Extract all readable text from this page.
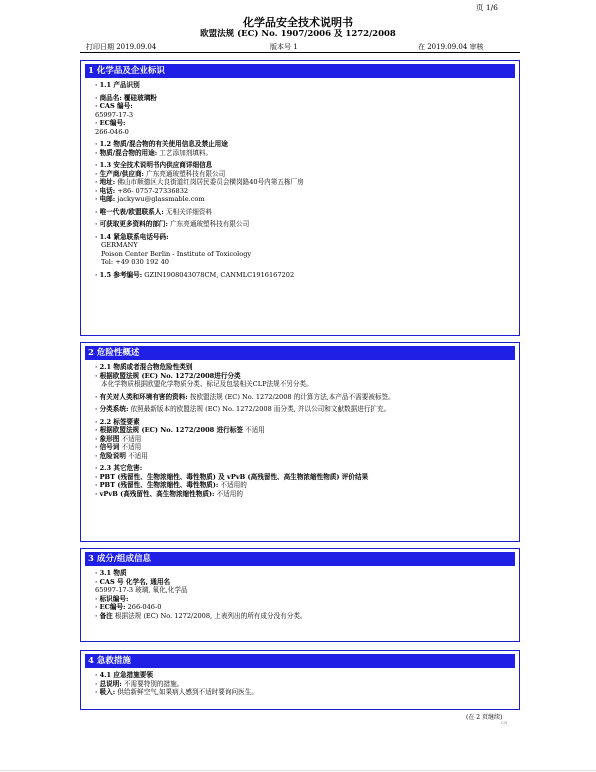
页 1/6
化学品安全技术说明书
欧盟法规 (EC) No. 1907/2006 及 1272/2008
打印日期 2019.09.04	版本号 1	在 2019.09.04 审核
1 化学品及企业标识
· 1.1 产品识别
· 商品名: 覆硅玻璃粉
· CAS 编号:
65997-17-3
· EC编号:
266-046-0
· 1.2 物质/混合物的有关使用信息及禁止用途
· 物质/混合物的用途: 工艺添加剂填料。
· 1.3 安全技术说明书内供应商详细信息
· 生产商/供应商: 广东亮通玻塑科技有限公司
· 地址: 佛山市顺德区大良街道红岗居民委员会横岗路40号内第五栋厂房
· 电话: +86- 0757-27336832
· 电邮: jackywu@glassmable.com
· 唯一代表/欧盟联系人: 无相关详细资料
· 可获取更多资料的部门: 广东亮通玻塑科技有限公司
· 1.4 紧急联系电话号码:
GERMANY
Poison Center Berlin - Institute of Toxicology
Tel: +49 030 192 40
· 1.5 参考编号: GZIN1908043078CM, CANMLC1916167202
2 危险性概述
· 2.1 物质或者混合物危险性类别
· 根据欧盟法规 (EC) No. 1272/2008进行分类
本化学物质根据欧盟化学物质分类、标记及包装相关CLP法规不另分类。
· 有关对人类和环境有害的资料: 按欧盟法规 (EC) No. 1272/2008 的计算方法,本产品不需要被标签。
· 分类系统: 依照最新版本的欧盟法规 (EC) No. 1272/2008 而分类, 并以公司和文献数据进行扩充。
· 2.2 标签要素
· 根据欧盟法规 (EC) No. 1272/2008 进行标签 不适用
· 象形图 不适用
· 信号词 不适用
· 危险说明 不适用
· 2.3 其它危害:
· PBT (残留性、生物浓缩性、毒性物质) 及 vPvB (高残留性、高生物浓缩性物质) 评价结果
· PBT (残留性、生物浓缩性、毒性物质): 不适用的
· vPvB (高残留性、高生物浓缩性物质): 不适用的
3 成分/组成信息
· 3.1 物质
· CAS 号 化学名, 通用名
65997-17-3 玻璃, 氧化,化学品
· 标识编号:
· EC编号: 266-046-0
· 备注 根据法规 (EC) No. 1272/2008, 上表列出的所有成分没有分类。
4 急救措施
· 4.1 应急措施要领
· 总说明: 不需要特别的措施。
· 吸入: 供给新鲜空气,如果病人感到不适时要询问医生。
(在 2 页继续)
CN
